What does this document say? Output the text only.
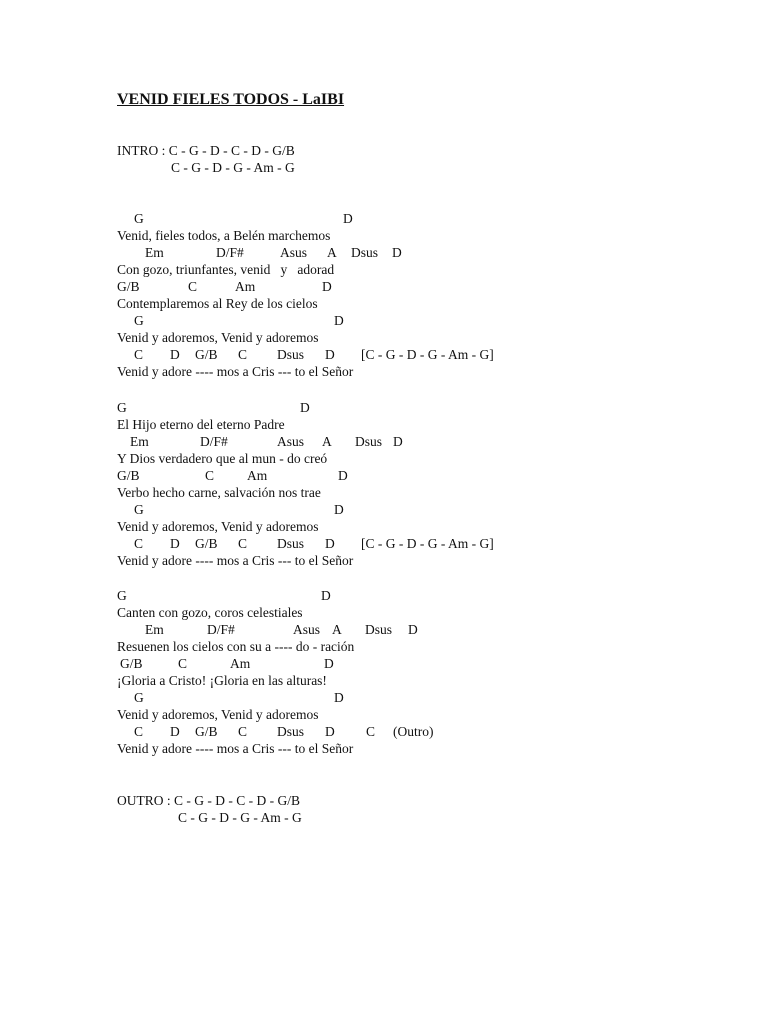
VENID FIELES TODOS - LaIBI
INTRO : C - G - D - C - D - G/B
C - G - D - G - Am - G
G	D
Venid, fieles todos, a Belén marchemos
Em	D/F#	Asus A Dsus D
Con gozo, triunfantes, venid   y   adorad
G/B	C	Am	D
Contemplaremos al Rey de los cielos
G	D
Venid y adoremos, Venid y adoremos
C D G/B C Dsus D [C - G - D - G - Am - G]
Venid y adore ---- mos a Cris --- to el Señor
G	D
El Hijo eterno del eterno Padre
Em	D/F#	Asus A Dsus D
Y Dios verdadero que al mun - do creó
G/B	C Am	D
Verbo hecho carne, salvación nos trae
G	D
Venid y adoremos, Venid y adoremos
C D G/B C Dsus D [C - G - D - G - Am - G]
Venid y adore ---- mos a Cris --- to el Señor
G	D
Canten con gozo, coros celestiales
Em	D/F#	Asus A Dsus D
Resuenen los cielos con su a ---- do - ración
G/B	C	Am	D
¡Gloria a Cristo! ¡Gloria en las alturas!
G	D
Venid y adoremos, Venid y adoremos
C D G/B C Dsus D C (Outro)
Venid y adore ---- mos a Cris --- to el Señor
OUTRO : C - G - D - C - D - G/B
C - G - D - G - Am - G
